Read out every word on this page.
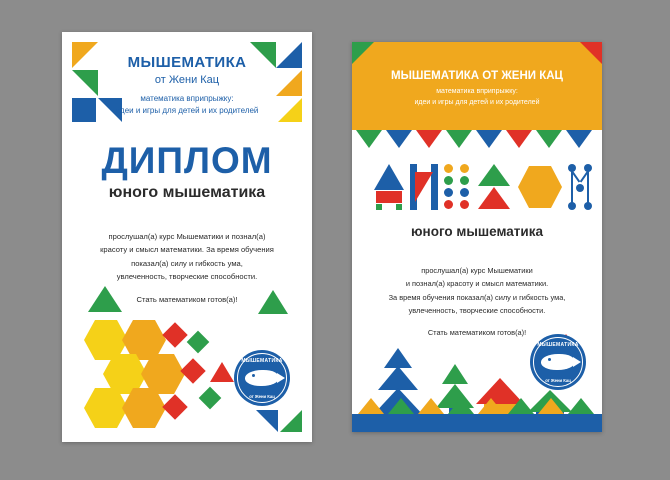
МЫШЕМАТИКА
от Жени Кац
математика вприпрыжку:
идеи и игры для детей и их родителей
ДИПЛОМ
юного мышематика
прослушал(а) курс Мышематики и познал(а)
красоту и смысл математики. За время обучения
показал(а) силу и гибкость ума,
увлеченность, творческие способности.
Стать математиком готов(а)!
МЫШЕМАТИКА
от Жени Кац
МЫШЕМАТИКА ОТ ЖЕНИ КАЦ
математика вприпрыжку:
идеи и игры для детей и их родителей
юного мышематика
прослушал(а) курс Мышематики
и познал(а) красоту и смысл математики.
За время обучения показал(а) силу и гибкость ума,
увлеченность, творческие способности.
Стать математиком готов(а)!
МЫШЕМАТИКА
от Жени Кац
